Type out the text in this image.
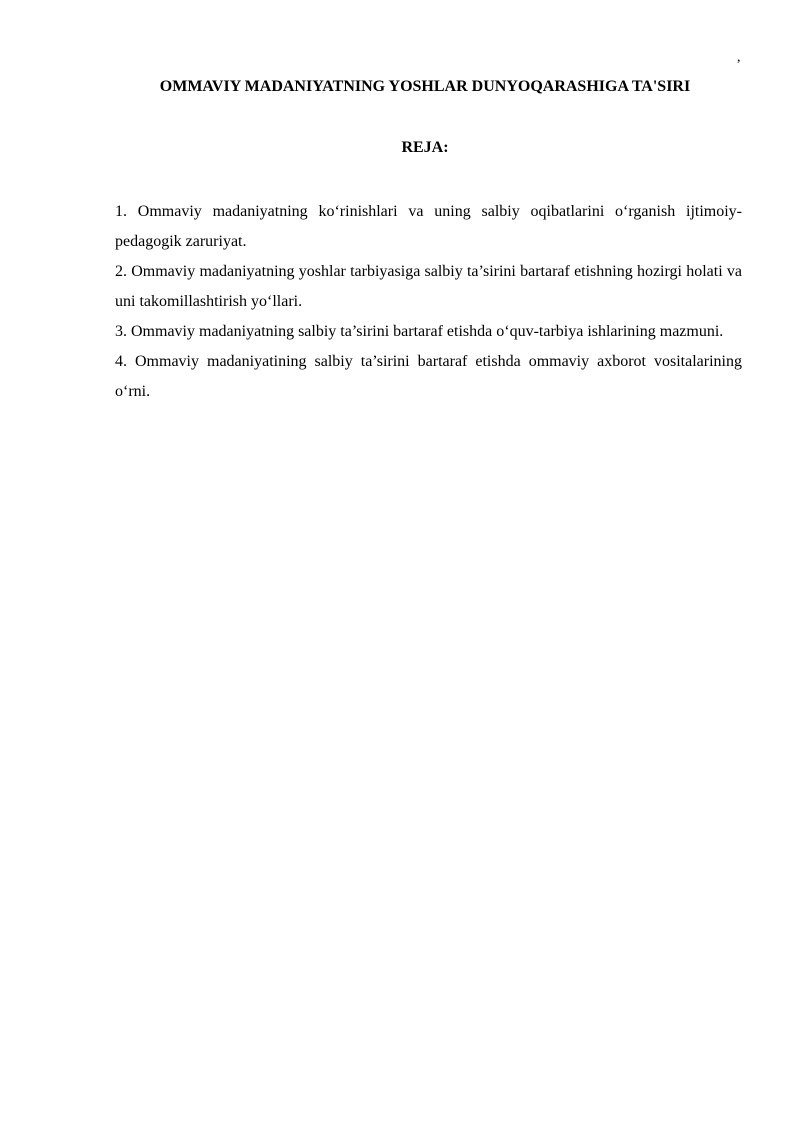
,
OMMAVIY MADANIYATNING YOSHLAR DUNYOQARASHIGA TA'SIRI
REJA:
1. Ommaviy madaniyatning koʻrinishlari va uning salbiy oqibatlarini oʻrganish ijtimoiy-pedagogik zaruriyat.
2. Ommaviy madaniyatning yoshlar tarbiyasiga salbiy ta’sirini bartaraf etishning hozirgi holati va uni takomillashtirish yoʻllari.
3. Ommaviy madaniyatning salbiy ta’sirini bartaraf etishda oʻquv-tarbiya ishlarining mazmuni.
4. Ommaviy madaniyatining salbiy ta’sirini bartaraf etishda ommaviy axborot vositalarining oʻrni.
